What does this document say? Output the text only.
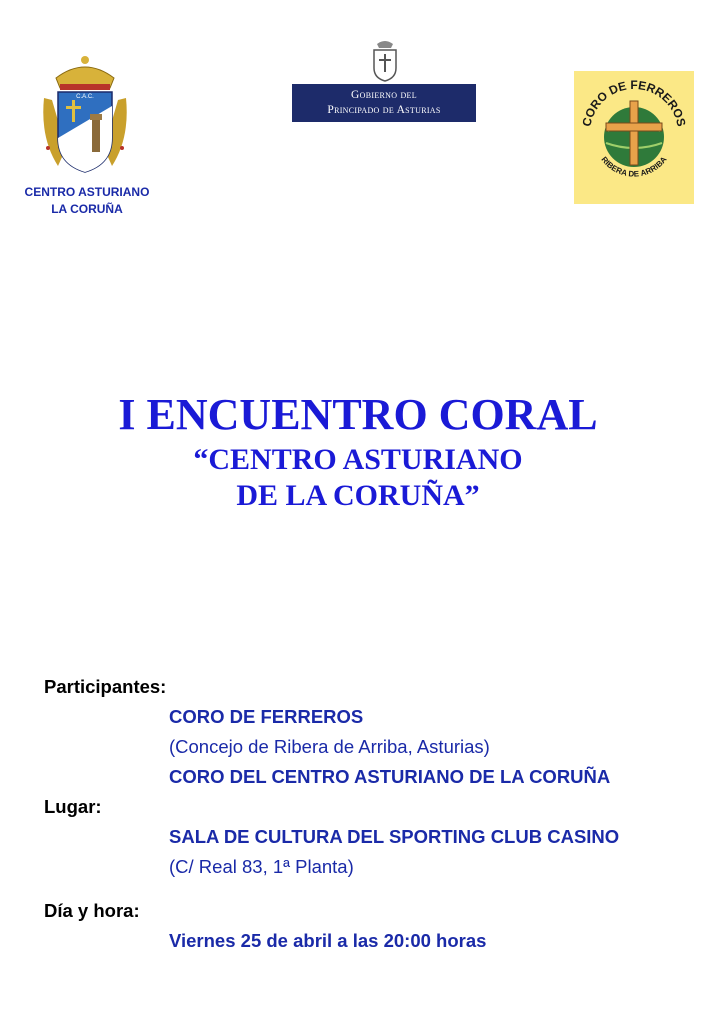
C.A.C.
CENTRO ASTURIANO
LA CORUÑA
Gobierno del
Principado de Asturias
CORO DE FERREROS
RIBERA DE ARRIBA
I ENCUENTRO CORAL
“CENTRO ASTURIANO
DE LA CORUÑA”
Participantes:
CORO DE FERREROS
(Concejo de Ribera de Arriba, Asturias)
CORO DEL CENTRO ASTURIANO DE LA CORUÑA
Lugar:
SALA DE CULTURA DEL SPORTING CLUB CASINO
(C/ Real 83, 1ª Planta)
Día y hora:
Viernes 25 de abril a las 20:00 horas
